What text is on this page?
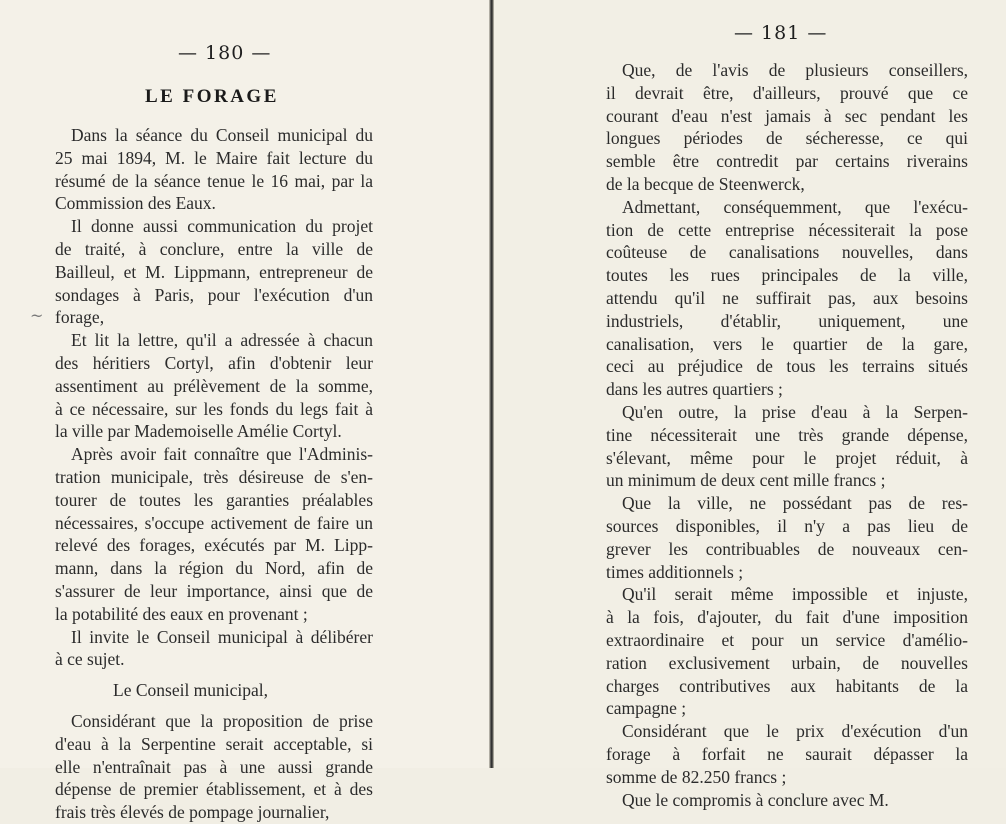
— 180 —
LE FORAGE
~
Dans la séance du Conseil municipal du
25 mai 1894, M. le Maire fait lecture du
résumé de la séance tenue le 16 mai, par la
Commission des Eaux.
Il donne aussi communication du projet
de traité, à conclure, entre la ville de
Bailleul, et M. Lippmann, entrepreneur de
sondages à Paris, pour l'exécution d'un
forage,
Et lit la lettre, qu'il a adressée à chacun
des héritiers Cortyl, afin d'obtenir leur
assentiment au prélèvement de la somme,
à ce nécessaire, sur les fonds du legs fait à
la ville par Mademoiselle Amélie Cortyl.
Après avoir fait connaître que l'Adminis-
tration municipale, très désireuse de s'en-
tourer de toutes les garanties préalables
nécessaires, s'occupe activement de faire un
relevé des forages, exécutés par M. Lipp-
mann, dans la région du Nord, afin de
s'assurer de leur importance, ainsi que de
la potabilité des eaux en provenant ;
Il invite le Conseil municipal à délibérer
à ce sujet.
Le Conseil municipal,
Considérant que la proposition de prise
d'eau à la Serpentine serait acceptable, si
elle n'entraînait pas à une aussi grande
dépense de premier établissement, et à des
frais très élevés de pompage journalier,
— 181 —
Que, de l'avis de plusieurs conseillers,
il devrait être, d'ailleurs, prouvé que ce
courant d'eau n'est jamais à sec pendant les
longues périodes de sécheresse, ce qui
semble être contredit par certains riverains
de la becque de Steenwerck,
Admettant, conséquemment, que l'exécu-
tion de cette entreprise nécessiterait la pose
coûteuse de canalisations nouvelles, dans
toutes les rues principales de la ville,
attendu qu'il ne suffirait pas, aux besoins
industriels, d'établir, uniquement, une
canalisation, vers le quartier de la gare,
ceci au préjudice de tous les terrains situés
dans les autres quartiers ;
Qu'en outre, la prise d'eau à la Serpen-
tine nécessiterait une très grande dépense,
s'élevant, même pour le projet réduit, à
un minimum de deux cent mille francs ;
Que la ville, ne possédant pas de res-
sources disponibles, il n'y a pas lieu de
grever les contribuables de nouveaux cen-
times additionnels ;
Qu'il serait même impossible et injuste,
à la fois, d'ajouter, du fait d'une imposition
extraordinaire et pour un service d'amélio-
ration exclusivement urbain, de nouvelles
charges contributives aux habitants de la
campagne ;
Considérant que le prix d'exécution d'un
forage à forfait ne saurait dépasser la
somme de 82.250 francs ;
Que le compromis à conclure avec M.
